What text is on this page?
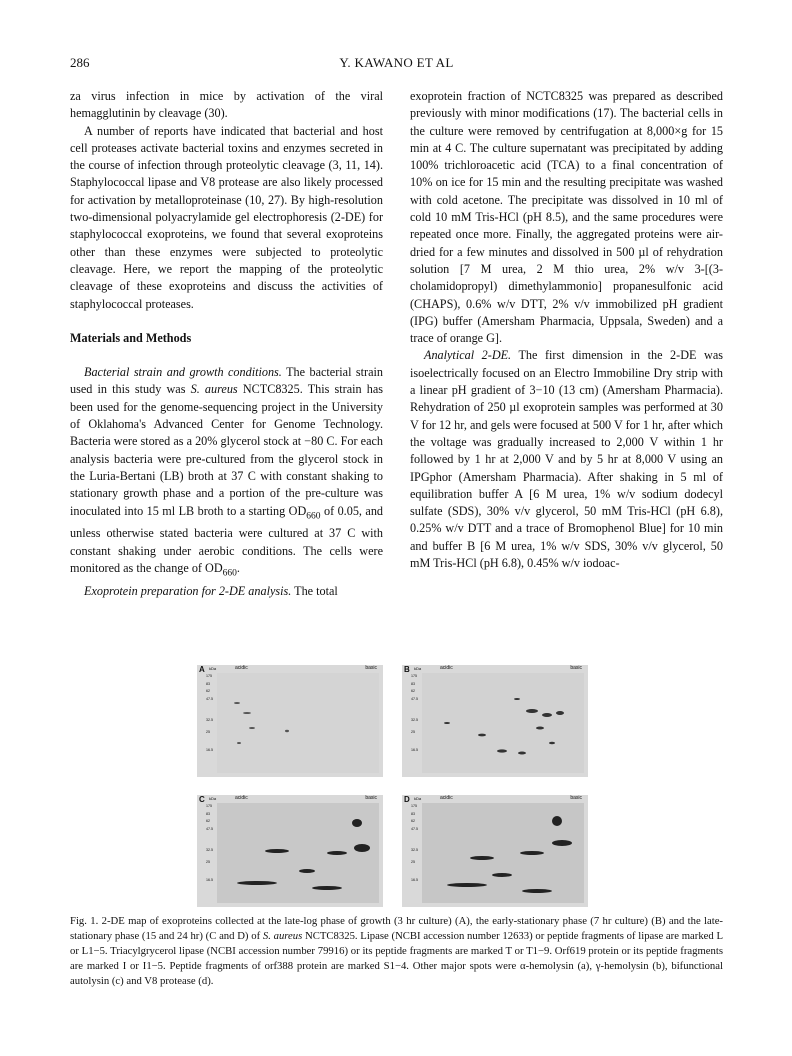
286	Y. KAWANO ET AL

za virus infection in mice by activation of the viral hemagglutinin by cleavage (30).

A number of reports have indicated that bacterial and host cell proteases activate bacterial toxins and enzymes secreted in the course of infection through proteolytic cleavage (3, 11, 14). Staphylococcal lipase and V8 protease are also likely processed for activation by metalloproteinase (10, 27). By high-resolution two-dimensional polyacrylamide gel electrophoresis (2-DE) for staphylococcal exoproteins, we found that several exoproteins other than these enzymes were subjected to proteolytic cleavage. Here, we report the mapping of the proteolytic cleavage of these exoproteins and discuss the activities of staphylococcal proteases.

Materials and Methods

Bacterial strain and growth conditions. The bacterial strain used in this study was S. aureus NCTC8325. This strain has been used for the genome-sequencing project in the University of Oklahoma's Advanced Center for Genome Technology. Bacteria were stored as a 20% glycerol stock at −80 C. For each analysis bacteria were pre-cultured from the glycerol stock in the Luria-Bertani (LB) broth at 37 C with constant shaking to stationary growth phase and a portion of the pre-culture was inoculated into 15 ml LB broth to a starting $OD_{660}$ of 0.05, and unless otherwise stated bacteria were cultured at 37 C with constant shaking under aerobic conditions. The cells were monitored as the change of $OD_{660}$.

Exoprotein preparation for 2-DE analysis. The total

exoprotein fraction of NCTC8325 was prepared as described previously with minor modifications (17). The bacterial cells in the culture were removed by centrifugation at 8,000×g for 15 min at 4 C. The culture supernatant was precipitated by adding 100% trichloroacetic acid (TCA) to a final concentration of 10% on ice for 15 min and the resulting precipitate was washed with cold acetone. The precipitate was dissolved in 10 ml of cold 10 mM Tris-HCl (pH 8.5), and the same procedures were repeated once more. Finally, the aggregated proteins were air-dried for a few minutes and dissolved in 500 µl of rehydration solution [7 M urea, 2 M thio urea, 2% w/v 3-[(3-cholamidopropyl) dimethylammonio] propanesulfonic acid (CHAPS), 0.6% w/v DTT, 2% v/v immobilized pH gradient (IPG) buffer (Amersham Pharmacia, Uppsala, Sweden) and a trace of orange G].

Analytical 2-DE. The first dimension in the 2-DE was isoelectrically focused on an Electro Immobiline Dry strip with a linear pH gradient of 3−10 (13 cm) (Amersham Pharmacia). Rehydration of 250 µl exoprotein samples was performed at 30 V for 12 hr, and gels were focused at 500 V for 1 hr, after which the voltage was gradually increased to 2,000 V within 1 hr followed by 1 hr at 2,000 V and by 5 hr at 8,000 V using an IPGphor (Amersham Pharmacia). After shaking in 5 ml of equilibration buffer A [6 M urea, 1% w/v sodium dodecyl sulfate (SDS), 30% v/v glycerol, 50 mM Tris-HCl (pH 6.8), 0.25% w/v DTT and a trace of Bromophenol Blue] for 10 min and buffer B [6 M urea, 1% w/v SDS, 30% v/v glycerol, 50 mM Tris-HCl (pH 6.8), 0.45% w/v iodoac-

A kDa	acidic	basic
175
83
62
47.5
32.5
25
16.5
B kDa	acidic	basic
175
83
62
47.5
32.5
25
16.5
C kDa	acidic	basic
175
83
62
47.5
32.5
25
16.5
D kDa	acidic	basic
175
83
62
47.5
32.5
25
16.5
Fig. 1. 2-DE map of exoproteins collected at the late-log phase of growth (3 hr culture) (A), the early-stationary phase (7 hr culture) (B) and the late-stationary phase (15 and 24 hr) (C and D) of S. aureus NCTC8325. Lipase (NCBI accession number 12633) or peptide fragments of lipase are marked L or L1−5. Triacylgrycerol lipase (NCBI accession number 79916) or its peptide fragments are marked T or T1−9. Orf619 protein or its peptide fragments are marked I or I1−5. Peptide fragments of orf388 protein are marked S1−4. Other major spots were α-hemolysin (a), γ-hemolysin (b), bifunctional autolysin (c) and V8 protease (d).
